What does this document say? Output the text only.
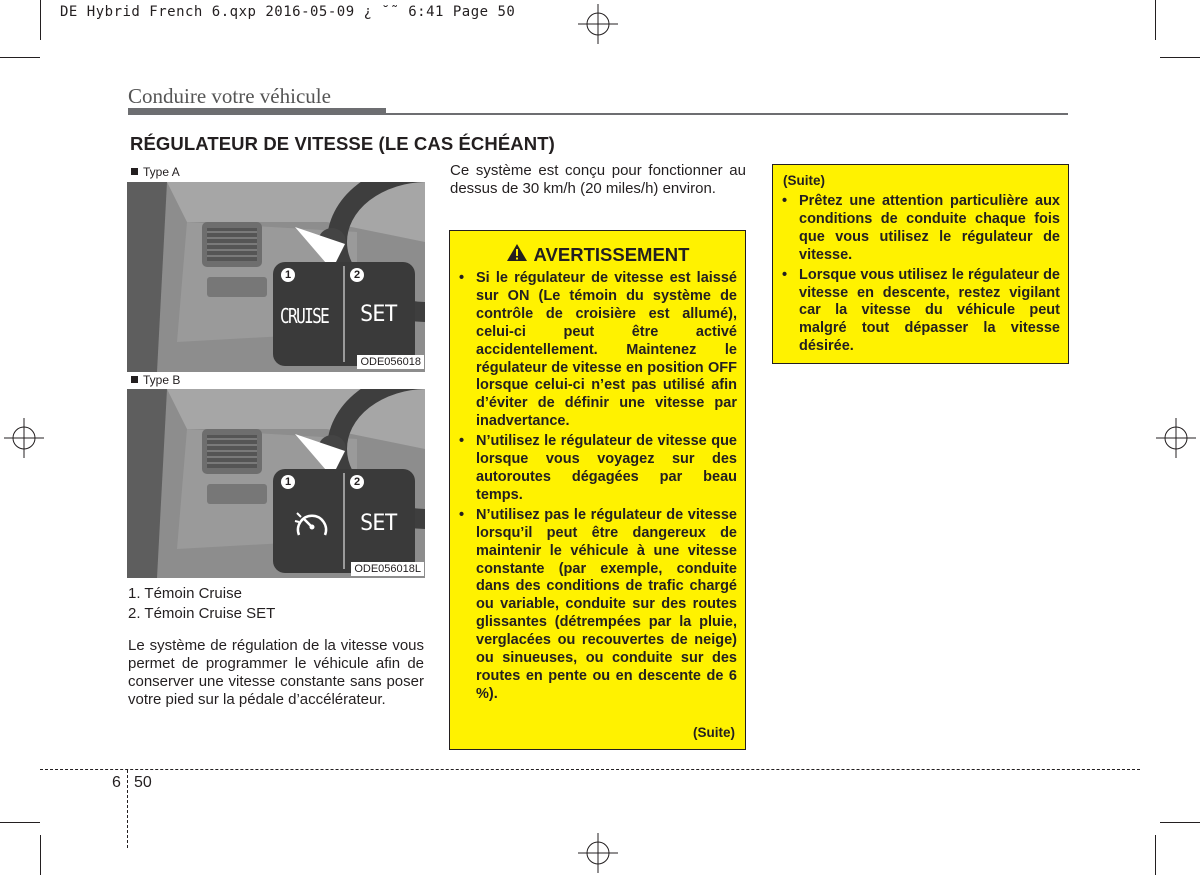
DE Hybrid French 6.qxp 2016-05-09 ¿ ˘˜ 6:41 Page 50
Conduire votre véhicule
RÉGULATEUR DE VITESSE (LE CAS ÉCHÉANT)
Type A
1	2
CRUISE SET
ODE056018
Type B
1	2
SET
ODE056018L
1. Témoin Cruise
2. Témoin Cruise SET
Le système de régulation de la vitesse vous permet de programmer le véhicule afin de conserver une vitesse constante sans poser votre pied sur la pédale d’accélérateur.
Ce système est conçu pour fonctionner au dessus de 30 km/h (20 miles/h) environ.
AVERTISSEMENT
• Si le régulateur de vitesse est laissé sur ON (Le témoin du système de contrôle de croisière est allumé), celui-ci peut être activé accidentellement. Maintenez le régulateur de vitesse en position OFF lorsque celui-ci n’est pas utilisé afin d’éviter de définir une vitesse par inadvertance.
• N’utilisez le régulateur de vitesse que lorsque vous voyagez sur des autoroutes dégagées par beau temps.
• N’utilisez pas le régulateur de vitesse lorsqu’il peut être dangereux de maintenir le véhicule à une vitesse constante (par exemple, conduite dans des conditions de trafic chargé ou variable, conduite sur des routes glissantes (détrempées par la pluie, verglacées ou recouvertes de neige) ou sinueuses, ou conduite sur des routes en pente ou en descente de 6 %).
(Suite)
(Suite)
• Prêtez une attention particulière aux conditions de conduite chaque fois que vous utilisez le régulateur de vitesse.
• Lorsque vous utilisez le régulateur de vitesse en descente, restez vigilant car la vitesse du véhicule peut malgré tout dépasser la vitesse désirée.
6 50
